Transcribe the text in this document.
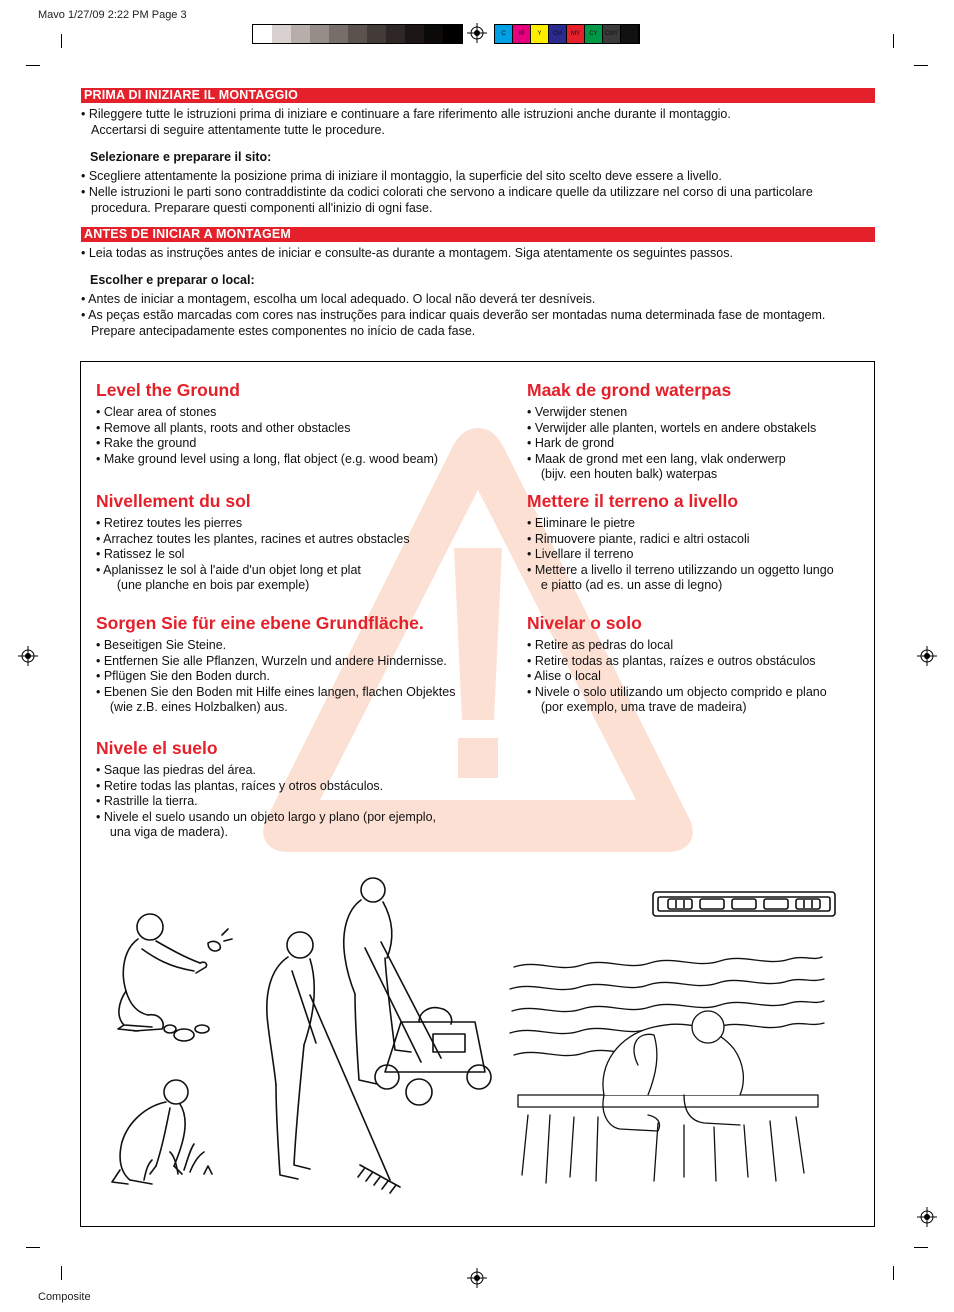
Mavo 1/27/09 2:22 PM Page 3
Composite
C	M	Y	CM	MY	CY	CMY	K
PRIMA DI INIZIARE IL MONTAGGIO
• Rileggere tutte le istruzioni prima di iniziare e continuare a fare riferimento alle istruzioni anche durante il montaggio.
Accertarsi di seguire attentamente tutte le procedure.
Selezionare e preparare il sito:
• Scegliere attentamente la posizione prima di iniziare il montaggio, la superficie del sito scelto deve essere a livello.
• Nelle istruzioni le parti sono contraddistinte da codici colorati che servono a indicare quelle da utilizzare nel corso di una particolare
procedura. Preparare questi componenti all'inizio di ogni fase.
ANTES DE INICIAR A MONTAGEM
• Leia todas as instruções antes de iniciar e consulte-as durante a montagem. Siga atentamente os seguintes passos.
Escolher e preparar o local:
• Antes de iniciar a montagem, escolha um local adequado. O local não deverá ter desníveis.
• As peças estão marcadas com cores nas instruções para indicar quais deverão ser montadas numa determinada fase de montagem.
Prepare antecipadamente estes componentes no início de cada fase.
Level the Ground
• Clear area of stones
• Remove all plants, roots and other obstacles
• Rake the ground
• Make ground level using a long, flat object (e.g. wood beam)
Nivellement du sol
• Retirez toutes les pierres
• Arrachez toutes les plantes, racines et autres obstacles
• Ratissez le sol
• Aplanissez le sol à l'aide d'un objet long et plat
(une planche en bois par exemple)
Sorgen Sie für eine ebene Grundfläche.
• Beseitigen Sie Steine.
• Entfernen Sie alle Pflanzen, Wurzeln und andere Hindernisse.
• Pflügen Sie den Boden durch.
• Ebenen Sie den Boden mit Hilfe eines langen, flachen Objektes
(wie z.B. eines Holzbalken) aus.
Nivele el suelo
• Saque las piedras del área.
• Retire todas las plantas, raíces y otros obstáculos.
• Rastrille la tierra.
• Nivele el suelo usando un objeto largo y plano (por ejemplo,
una viga de madera).
Maak de grond waterpas
• Verwijder stenen
• Verwijder alle planten, wortels en andere obstakels
• Hark de grond
• Maak de grond met een lang, vlak onderwerp
(bijv. een houten balk) waterpas
Mettere il terreno a livello
• Eliminare le pietre
• Rimuovere piante, radici e altri ostacoli
• Livellare il terreno
• Mettere a livello il terreno utilizzando un oggetto lungo
e piatto (ad es. un asse di legno)
Nivelar o solo
• Retire as pedras do local
• Retire todas as plantas, raízes e outros obstáculos
• Alise o local
• Nivele o solo utilizando um objecto comprido e plano
(por exemplo, uma trave de madeira)
